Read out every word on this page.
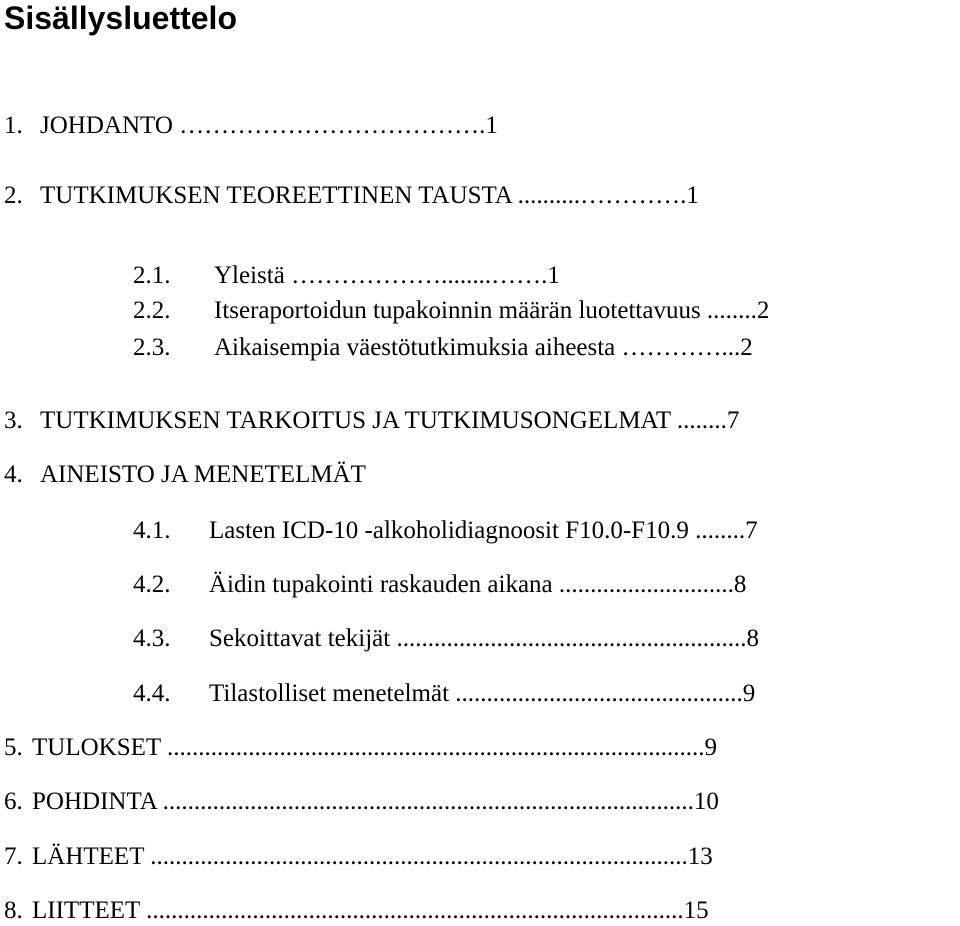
Sisällysluettelo
1. JOHDANTO ……………………………….1
2. TUTKIMUKSEN TEOREETTINEN TAUSTA ..........………….1
2.1. Yleistä ………………........…….1
2.2. Itseraportoidun tupakoinnin määrän luotettavuus ........2
2.3. Aikaisempia väestötutkimuksia aiheesta …………...2
3. TUTKIMUKSEN TARKOITUS JA TUTKIMUSONGELMAT ........7
4. AINEISTO JA MENETELMÄT
4.1. Lasten ICD-10 -alkoholidiagnoosit F10.0-F10.9 ........7
4.2. Äidin tupakointi raskauden aikana ............................8
4.3. Sekoittavat tekijät ........................................................8
4.4. Tilastolliset menetelmät ..............................................9
5. TULOKSET ......................................................................................9
6. POHDINTA .....................................................................................10
7. LÄHTEET ......................................................................................13
8. LIITTEET ......................................................................................15
